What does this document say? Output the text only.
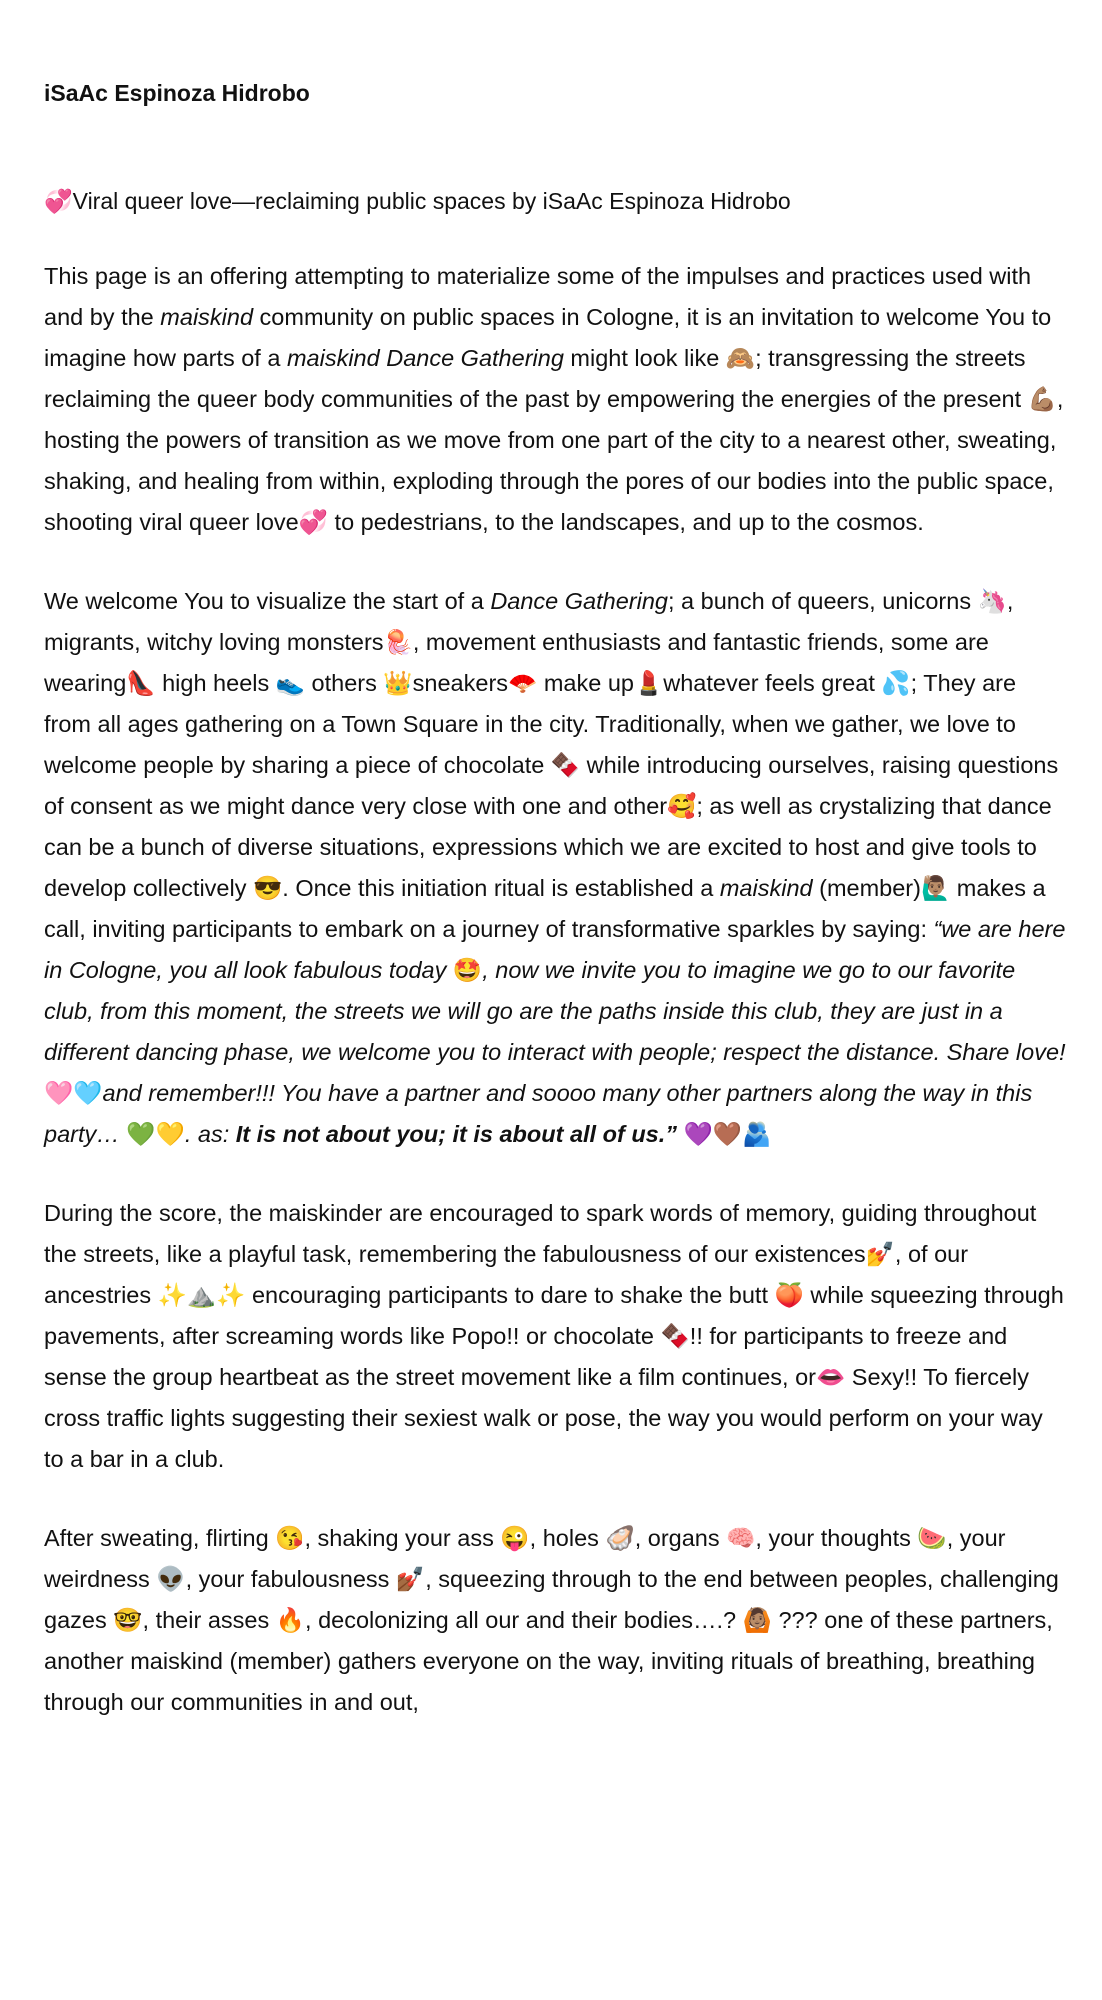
iSaAc Espinoza Hidrobo

💞Viral queer love—reclaiming public spaces by iSaAc Espinoza Hidrobo

This page is an offering attempting to materialize some of the impulses and practices used with and by the maiskind community on public spaces in Cologne, it is an invitation to welcome You to imagine how parts of a maiskind Dance Gathering might look like 🙈; transgressing the streets reclaiming the queer body communities of the past by empowering the energies of the present 💪🏽, hosting the powers of transition as we move from one part of the city to a nearest other, sweating, shaking, and healing from within, exploding through the pores of our bodies into the public space, shooting viral queer love💞 to pedestrians, to the landscapes, and up to the cosmos.

We welcome You to visualize the start of a Dance Gathering; a bunch of queers, unicorns 🦄, migrants, witchy loving monsters🪼, movement enthusiasts and fantastic friends, some are wearing👠 high heels 👟 others 👑sneakers🪭 make up💄whatever feels great 💦; They are from all ages gathering on a Town Square in the city. Traditionally, when we gather, we love to welcome people by sharing a piece of chocolate 🍫 while introducing ourselves, raising questions of consent as we might dance very close with one and other🥰; as well as crystalizing that dance can be a bunch of diverse situations, expressions which we are excited to host and give tools to develop collectively 😎. Once this initiation ritual is established a maiskind (member)🙋🏽‍♂️ makes a call, inviting participants to embark on a journey of transformative sparkles by saying: “we are here in Cologne, you all look fabulous today 🤩, now we invite you to imagine we go to our favorite club, from this moment, the streets we will go are the paths inside this club, they are just in a different dancing phase, we welcome you to interact with people; respect the distance. Share love!🩷🩵and remember!!! You have a partner and soooo many other partners along the way in this party… 💚💛. as: It is not about you; it is about all of us.” 💜🤎🫂

During the score, the maiskinder are encouraged to spark words of memory, guiding throughout the streets, like a playful task, remembering the fabulousness of our existences💅, of our ancestries ✨⛰️✨ encouraging participants to dare to shake the butt 🍑 while squeezing through pavements, after screaming words like Popo!! or chocolate 🍫!! for participants to freeze and sense the group heartbeat as the street movement like a film continues, or👄 Sexy!! To fiercely cross traffic lights suggesting their sexiest walk or pose, the way you would perform on your way to a bar in a club.

After sweating, flirting 😘, shaking your ass 😜, holes 🦪, organs 🧠, your thoughts 🍉, your weirdness 👽, your fabulousness 💅🏾, squeezing through to the end between peoples, challenging gazes 🤓, their asses 🔥, decolonizing all our and their bodies….? 🙆🏽 ??? one of these partners, another maiskind (member) gathers everyone on the way, inviting rituals of breathing, breathing through our communities in and out,
